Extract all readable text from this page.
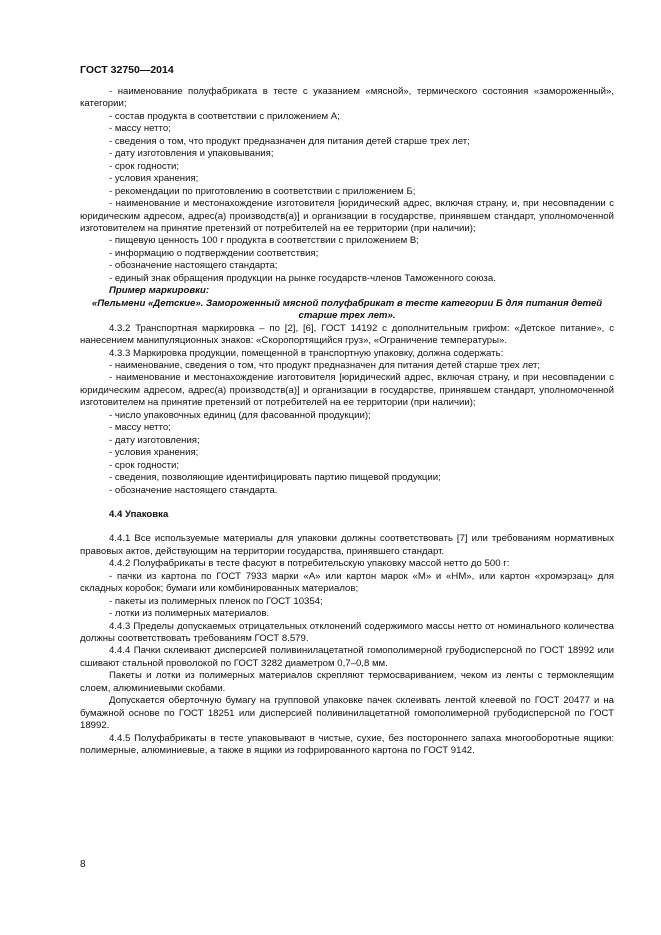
ГОСТ 32750—2014

- наименование полуфабриката в тесте с указанием «мясной», термического состояния «замороженный», категории;

- состав продукта в соответствии с приложением А;

- массу нетто;

- сведения о том, что продукт предназначен для питания детей старше трех лет;

- дату изготовления и упаковывания;

- срок годности;

- условия хранения;

- рекомендации по приготовлению в соответствии с приложением Б;

- наименование и местонахождение изготовителя [юридический адрес, включая страну, и, при несовпадении с юридическим адресом, адрес(а) производств(а)] и организации в государстве, принявшем стандарт, уполномоченной изготовителем на принятие претензий от потребителей на ее территории (при наличии);

- пищевую ценность 100 г продукта в соответствии с приложением В;

- информацию о подтверждении соответствия;

- обозначение настоящего стандарта;

- единый знак обращения продукции на рынке государств-членов Таможенного союза.

Пример маркировки:

«Пельмени «Детские». Замороженный мясной полуфабрикат в тесте категории Б для питания детей старше трех лет».

4.3.2 Транспортная маркировка – по [2], [6], ГОСТ 14192 с дополнительным грифом: «Детское питание», с нанесением манипуляционных знаков: «Скоропортящийся груз», «Ограничение температуры».

4.3.3 Маркировка продукции, помещенной в транспортную упаковку, должна содержать:

- наименование, сведения о том, что продукт предназначен для питания детей старше трех лет;

- наименование и местонахождение изготовителя [юридический адрес, включая страну, и при несовпадении с юридическим адресом, адрес(а) производств(а)] и организации в государстве, принявшем стандарт, уполномоченной изготовителем на принятие претензий от потребителей на ее территории (при наличии);

- число упаковочных единиц (для фасованной продукции);

- массу нетто;

- дату изготовления;

- условия хранения;

- срок годности;

- сведения, позволяющие идентифицировать партию пищевой продукции;

- обозначение настоящего стандарта.

4.4 Упаковка

4.4.1 Все используемые материалы для упаковки должны соответствовать [7] или требованиям нормативных правовых актов, действующим на территории государства, принявшего стандарт.

4.4.2 Полуфабрикаты в тесте фасуют в потребительскую упаковку массой нетто до 500 г:

- пачки из картона по ГОСТ 7933 марки «А» или картон марок «М» и «НМ», или картон «хромэрзац» для складных коробок; бумаги или комбинированных материалов;

- пакеты из полимерных пленок по ГОСТ 10354;

- лотки из полимерных материалов.

4.4.3 Пределы допускаемых отрицательных отклонений содержимого массы нетто от номинального количества должны соответствовать требованиям ГОСТ 8.579.

4.4.4 Пачки склеивают дисперсией поливинилацетатной гомополимерной грубодисперсной по ГОСТ 18992 или сшивают стальной проволокой по ГОСТ 3282 диаметром 0,7–0,8 мм.

Пакеты и лотки из полимерных материалов скрепляют термосвариванием, чеком из ленты с термоклеящим слоем, алюминиевыми скобами.

Допускается оберточную бумагу на групповой упаковке пачек склеивать лентой клеевой по ГОСТ 20477 и на бумажной основе по ГОСТ 18251 или дисперсией поливинилацетатной гомополимерной грубодисперсной по ГОСТ 18992.

4.4.5 Полуфабрикаты в тесте упаковывают в чистые, сухие, без постороннего запаха многооборотные ящики: полимерные, алюминиевые, а также в ящики из гофрированного картона по ГОСТ 9142.

8
